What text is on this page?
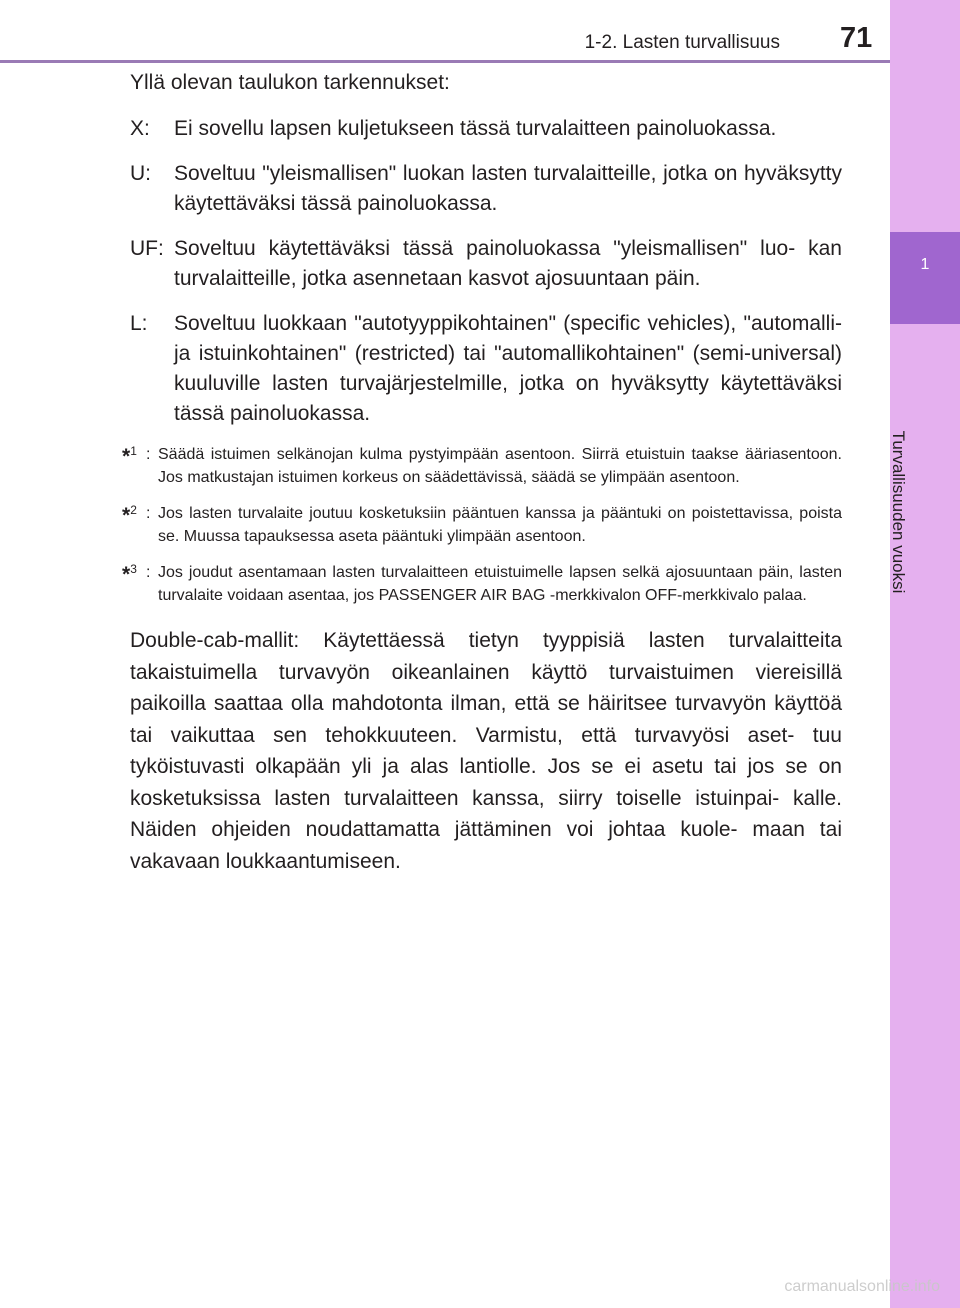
1-2. Lasten turvallisuus 71
1
Turvallisuuden vuoksi

Yllä olevan taulukon tarkennukset:

X: Ei sovellu lapsen kuljetukseen tässä turvalaitteen painoluokassa.
U: Soveltuu "yleismallisen" luokan lasten turvalaitteille, jotka on hyväksytty käytettäväksi tässä painoluokassa.
UF: Soveltuu käytettäväksi tässä painoluokassa "yleismallisen" luo- kan turvalaitteille, jotka asennetaan kasvot ajosuuntaan päin.
L: Soveltuu luokkaan "autotyyppikohtainen" (specific vehicles), "automalli- ja istuinkohtainen" (restricted) tai "automallikohtainen" (semi-universal) kuuluville lasten turvajärjestelmille, jotka on hyväksytty käytettäväksi tässä painoluokassa.
*$^1$ : Säädä istuimen selkänojan kulma pystyimpään asentoon. Siirrä etuistuin taakse ääriasentoon. Jos matkustajan istuimen korkeus on säädettävissä, säädä se ylimpään asentoon.
*$^2$ : Jos lasten turvalaite joutuu kosketuksiin pääntuen kanssa ja pääntuki on poistettavissa, poista se. Muussa tapauksessa aseta pääntuki ylimpään asentoon.
*$^3$ : Jos joudut asentamaan lasten turvalaitteen etuistuimelle lapsen selkä ajosuuntaan päin, lasten turvalaite voidaan asentaa, jos PASSENGER AIR BAG -merkkivalon OFF-merkkivalo palaa.

Double-cab-mallit: Käytettäessä tietyn tyyppisiä lasten turvalaitteita takaistuimella turvavyön oikeanlainen käyttö turvaistuimen viereisillä paikoilla saattaa olla mahdotonta ilman, että se häiritsee turvavyön käyttöä tai vaikuttaa sen tehokkuuteen. Varmistu, että turvavyösi aset- tuu tyköistuvasti olkapään yli ja alas lantiolle. Jos se ei asetu tai jos se on kosketuksissa lasten turvalaitteen kanssa, siirry toiselle istuinpai- kalle. Näiden ohjeiden noudattamatta jättäminen voi johtaa kuole- maan tai vakavaan loukkaantumiseen.

carmanualsonline.info
